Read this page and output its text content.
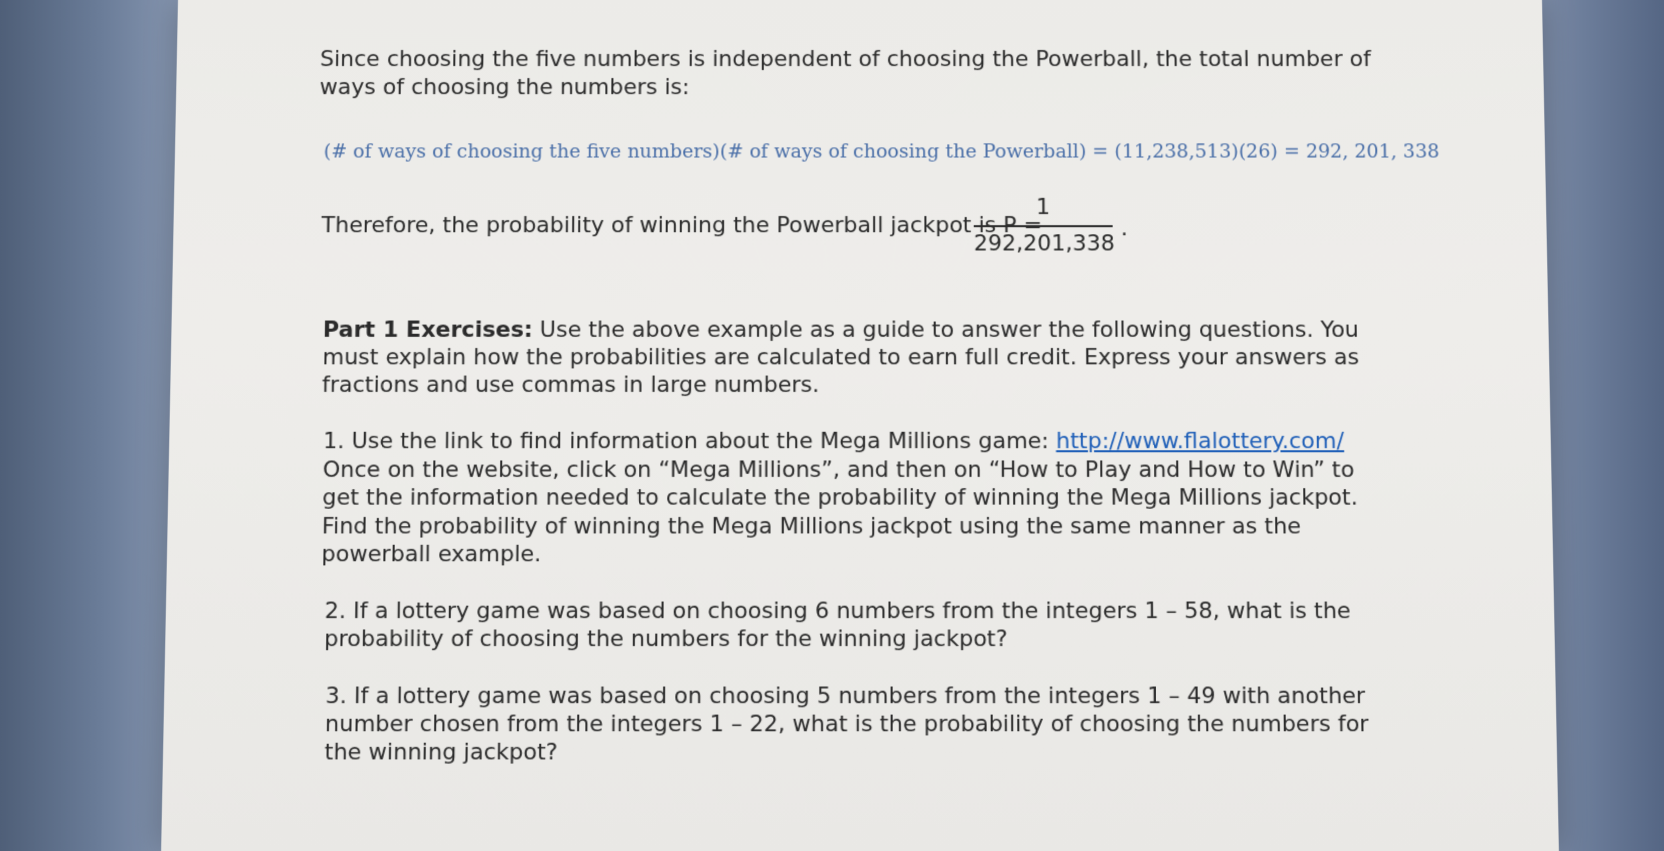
Since choosing the five numbers is independent of choosing the Powerball, the total number of
ways of choosing the numbers is:
(# of ways of choosing the five numbers)(# of ways of choosing the Powerball) = (11,238,513)(26) = 292, 201, 338
Therefore, the probability of winning the Powerball jackpot is P =
1
292,201,338
.
Part 1 Exercises: Use the above example as a guide to answer the following questions. You
must explain how the probabilities are calculated to earn full credit. Express your answers as
fractions and use commas in large numbers.
1. Use the link to find information about the Mega Millions game: http://www.flalottery.com/
Once on the website, click on “Mega Millions”, and then on “How to Play and How to Win” to
get the information needed to calculate the probability of winning the Mega Millions jackpot.
Find the probability of winning the Mega Millions jackpot using the same manner as the
powerball example.
2. If a lottery game was based on choosing 6 numbers from the integers 1 – 58, what is the
probability of choosing the numbers for the winning jackpot?
3. If a lottery game was based on choosing 5 numbers from the integers 1 – 49 with another
number chosen from the integers 1 – 22, what is the probability of choosing the numbers for
the winning jackpot?
